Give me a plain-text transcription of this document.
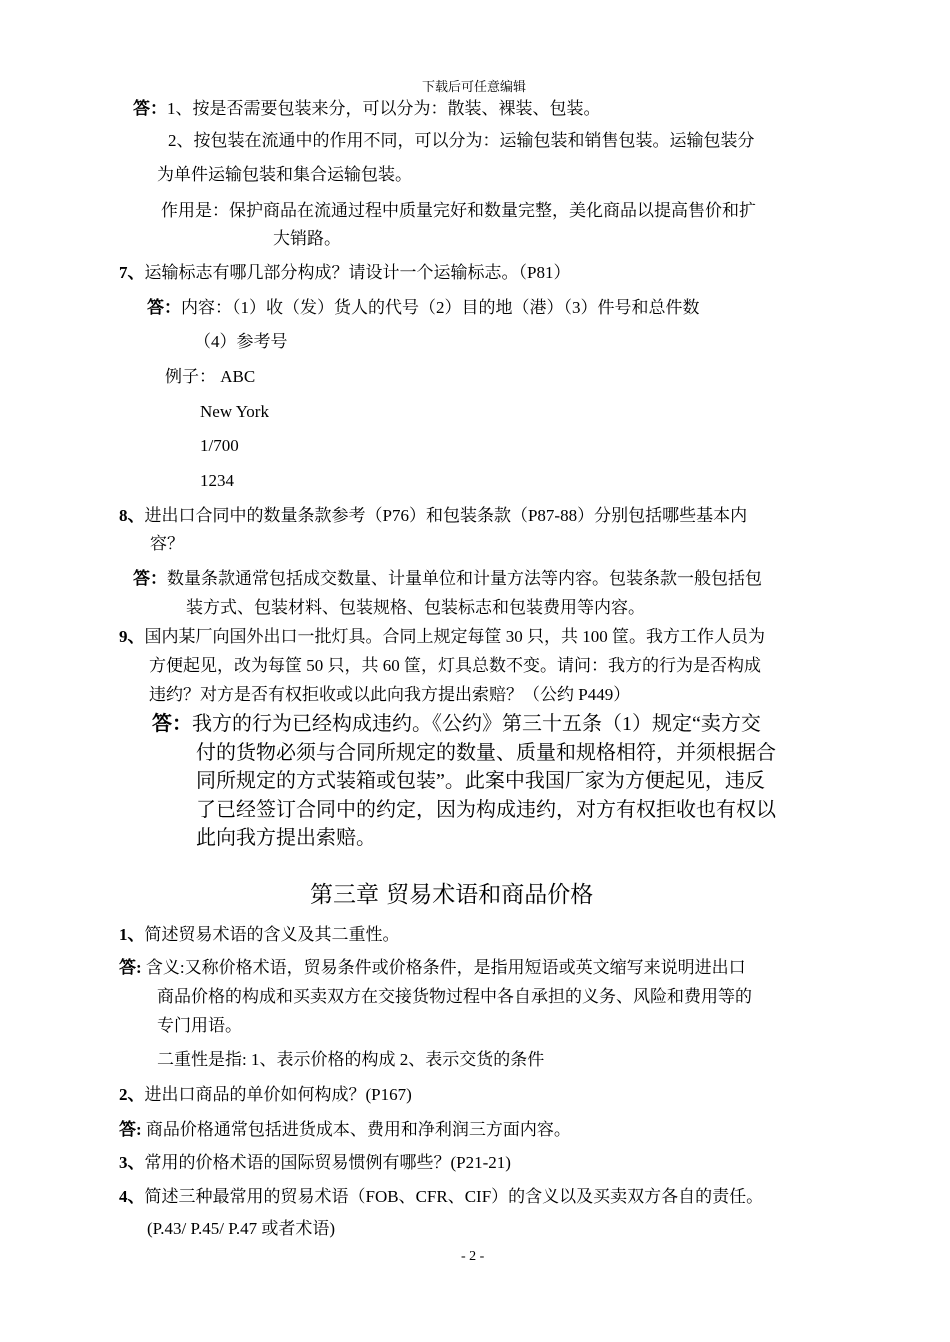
下载后可任意编辑
答：1、按是否需要包装来分，可以分为：散装、裸装、包装。
2、按包装在流通中的作用不同，可以分为：运输包装和销售包装。运输包装分
为单件运输包装和集合运输包装。
作用是：保护商品在流通过程中质量完好和数量完整，美化商品以提高售价和扩
大销路。
7、运输标志有哪几部分构成？请设计一个运输标志。（P81）
答：内容：（1）收（发）货人的代号（2）目的地（港）（3）件号和总件数
（4）参考号
例子： ABC
New York
1/700
1234
8、进出口合同中的数量条款参考（P76）和包装条款（P87-88）分别包括哪些基本内
容？
答：数量条款通常包括成交数量、计量单位和计量方法等内容。包装条款一般包括包
装方式、包装材料、包装规格、包装标志和包装费用等内容。
9、国内某厂向国外出口一批灯具。合同上规定每筐 30 只，共 100 筐。我方工作人员为
方便起见，改为每筐 50 只，共 60 筐，灯具总数不变。请问：我方的行为是否构成
违约？对方是否有权拒收或以此向我方提出索赔？（公约 P449）
答：我方的行为已经构成违约。《公约》第三十五条（1）规定“卖方交
付的货物必须与合同所规定的数量、质量和规格相符，并须根据合
同所规定的方式装箱或包装”。此案中我国厂家为方便起见，违反
了已经签订合同中的约定，因为构成违约，对方有权拒收也有权以
此向我方提出索赔。
第三章 贸易术语和商品价格
1、简述贸易术语的含义及其二重性。
答: 含义:又称价格术语，贸易条件或价格条件，是指用短语或英文缩写来说明进出口
商品价格的构成和买卖双方在交接货物过程中各自承担的义务、风险和费用等的
专门用语。
二重性是指: 1、表示价格的构成 2、表示交货的条件
2、进出口商品的单价如何构成？(P167)
答: 商品价格通常包括进货成本、费用和净利润三方面内容。
3、常用的价格术语的国际贸易惯例有哪些？(P21-21)
4、简述三种最常用的贸易术语（FOB、CFR、CIF）的含义以及买卖双方各自的责任。
(P.43/ P.45/ P.47 或者术语)
- 2 -
